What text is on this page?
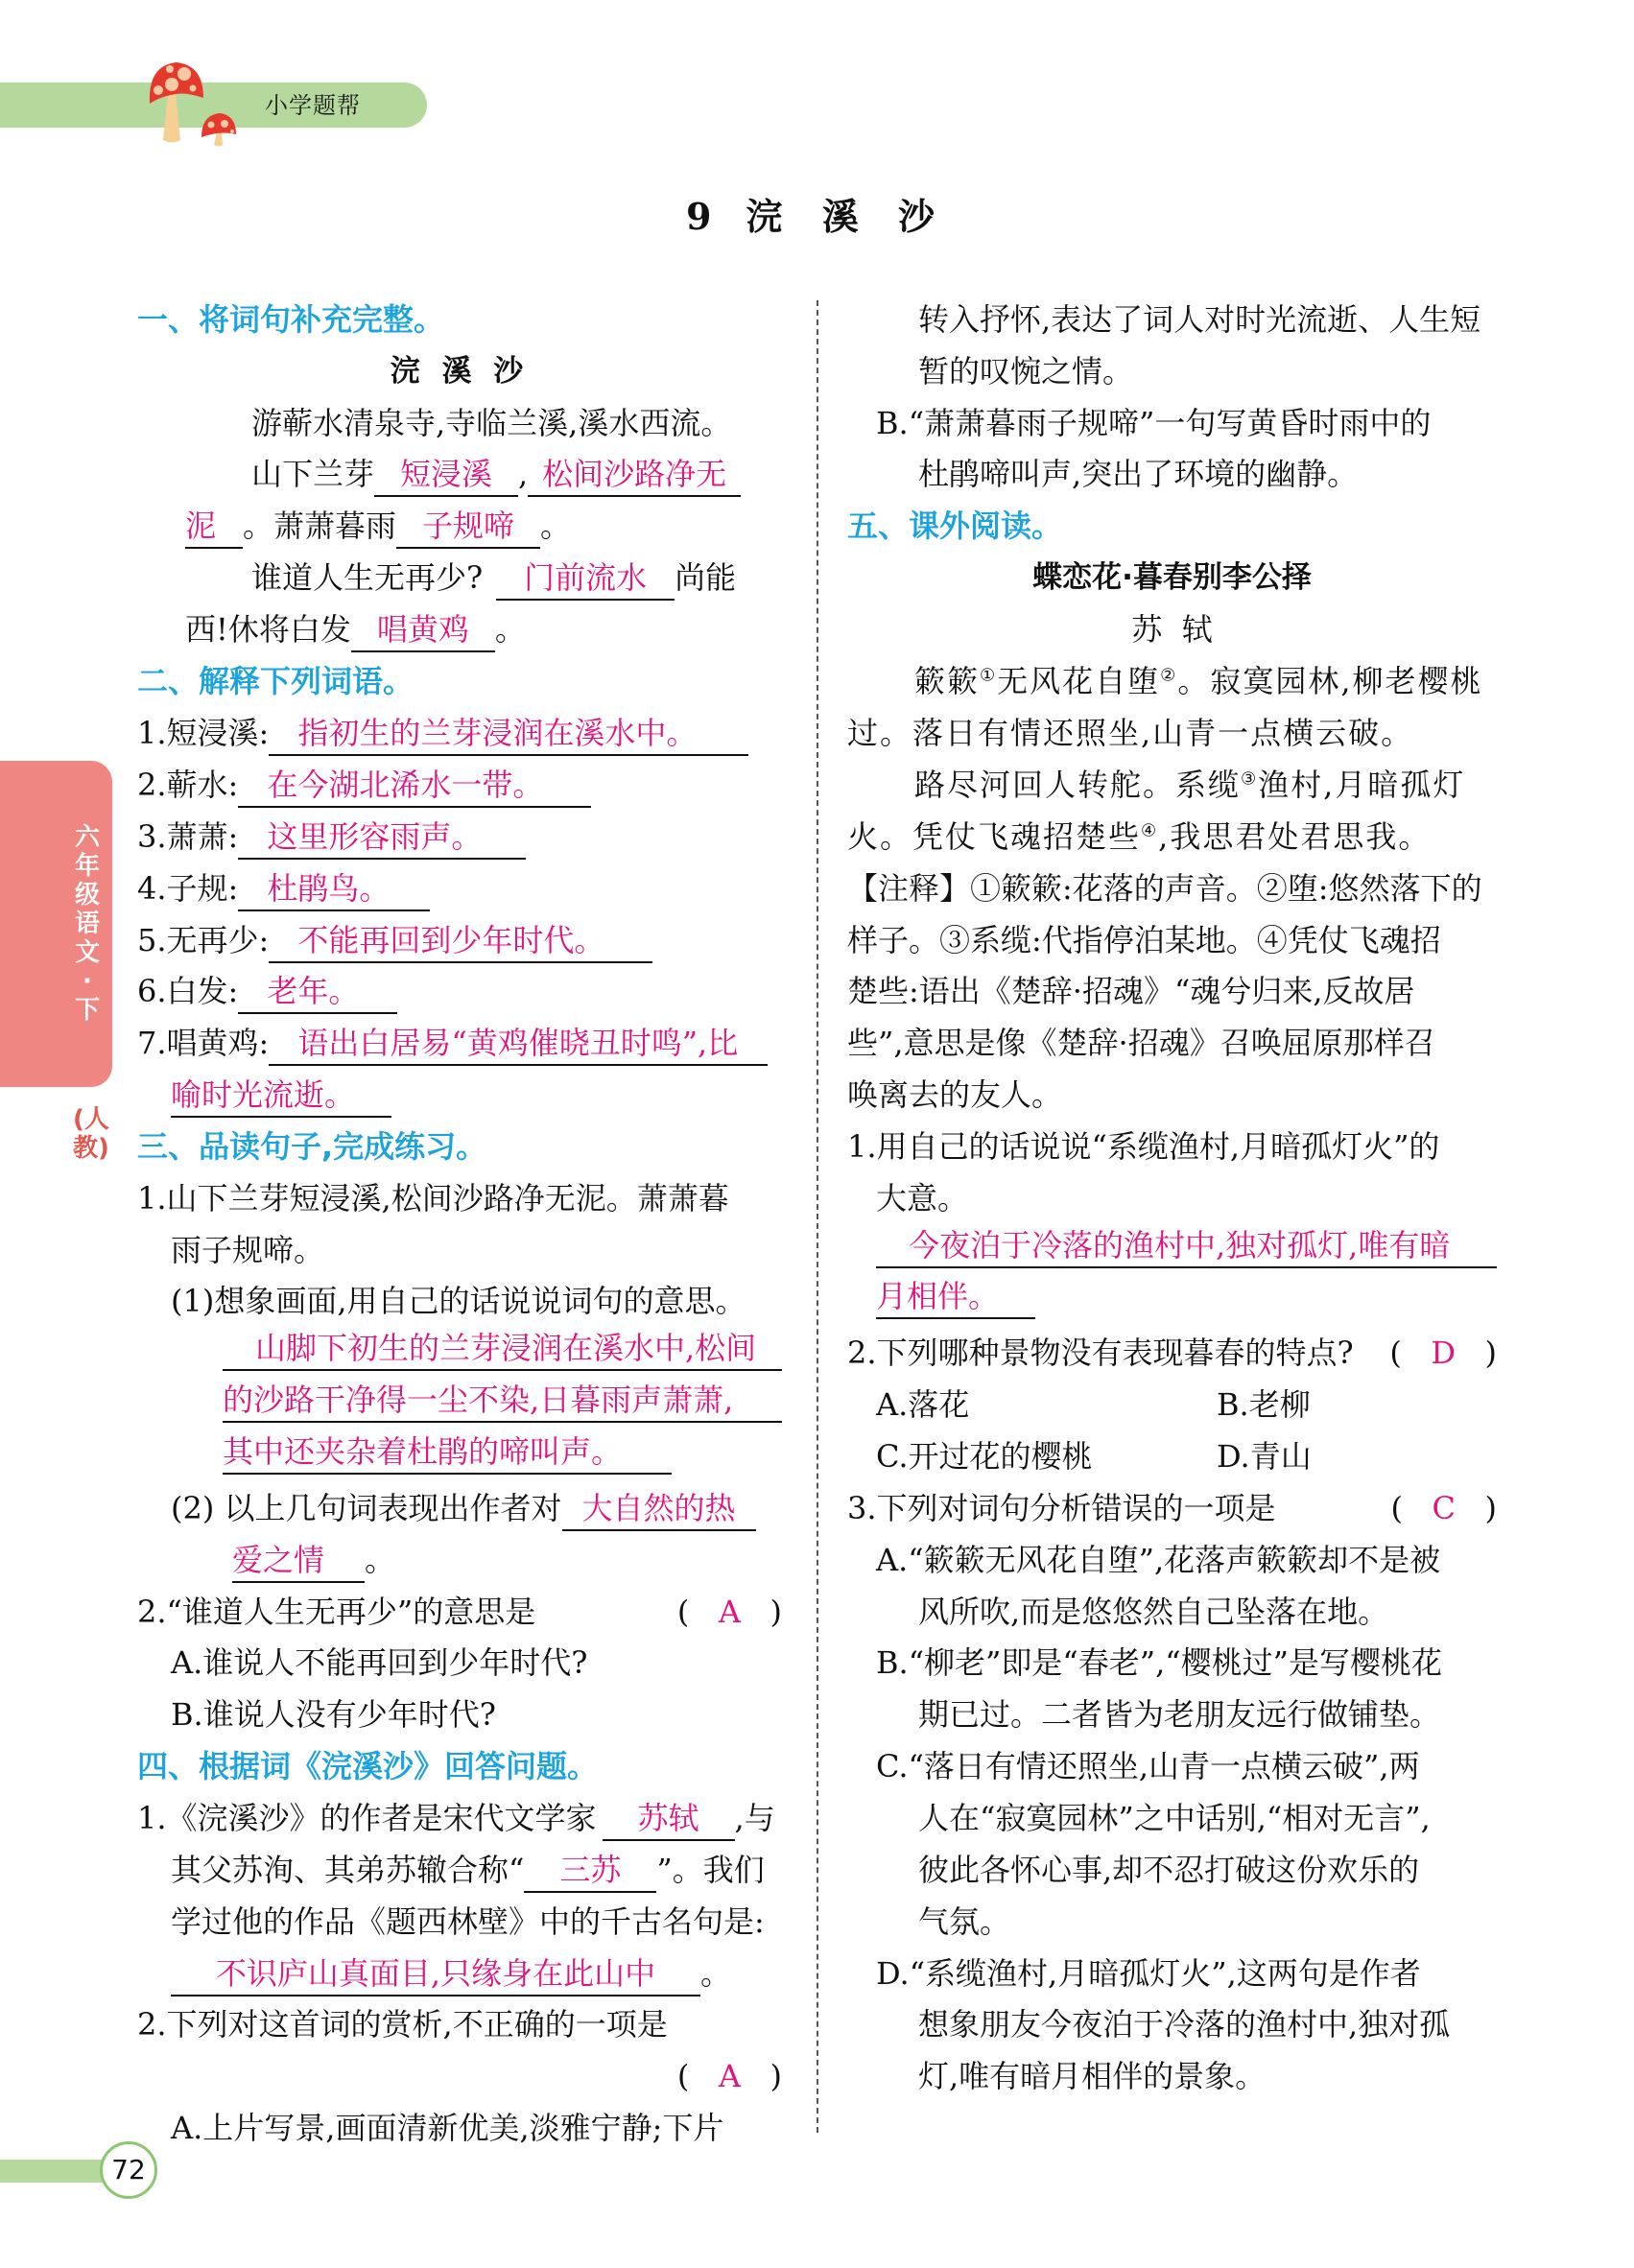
小学题帮
9 浣 溪 沙
六年级语文·下
(人教)
一、将词句补充完整。
浣 溪 沙
游蕲水清泉寺,寺临兰溪,溪水西流。
山下兰芽 短浸溪 , 松间沙路净无
泥 。萧萧暮雨 子规啼 。
谁道人生无再少? 门前流水 尚能
西!休将白发 唱黄鸡 。
二、解释下列词语。
1.短浸溪: 指初生的兰芽浸润在溪水中。
2.蕲水: 在今湖北浠水一带。
3.萧萧: 这里形容雨声。
4.子规: 杜鹃鸟。
5.无再少: 不能再回到少年时代。
6.白发: 老年。
7.唱黄鸡: 语出白居易“黄鸡催晓丑时鸣”,比
喻时光流逝。
三、品读句子,完成练习。
1.山下兰芽短浸溪,松间沙路净无泥。萧萧暮
雨子规啼。
(1)想象画面,用自己的话说说词句的意思。
山脚下初生的兰芽浸润在溪水中,松间
的沙路干净得一尘不染,日暮雨声萧萧,
其中还夹杂着杜鹃的啼叫声。
(2) 以上几句词表现出作者对 大自然的热
爱之情 。
2.“谁道人生无再少”的意思是	(   A   )
A.谁说人不能再回到少年时代?
B.谁说人没有少年时代?
四、根据词《浣溪沙》回答问题。
1.《浣溪沙》的作者是宋代文学家 苏轼 ,与
其父苏洵、其弟苏辙合称“ 三苏 ”。我们
学过他的作品《题西林壁》中的千古名句是:
不识庐山真面目,只缘身在此山中 。
2.下列对这首词的赏析,不正确的一项是
(   A   )
A.上片写景,画面清新优美,淡雅宁静;下片
转入抒怀,表达了词人对时光流逝、人生短
暂的叹惋之情。
B.“萧萧暮雨子规啼”一句写黄昏时雨中的
杜鹃啼叫声,突出了环境的幽静。
五、课外阅读。
蝶恋花·暮春别李公择
苏  轼
簌簌①无风花自堕②。寂寞园林,柳老樱桃
过。落日有情还照坐,山青一点横云破。
路尽河回人转舵。系缆③渔村,月暗孤灯
火。凭仗飞魂招楚些④,我思君处君思我。
【注释】①簌簌:花落的声音。②堕:悠然落下的
样子。③系缆:代指停泊某地。④凭仗飞魂招
楚些:语出《楚辞·招魂》“魂兮归来,反故居
些”,意思是像《楚辞·招魂》召唤屈原那样召
唤离去的友人。
1.用自己的话说说“系缆渔村,月暗孤灯火”的
大意。
今夜泊于冷落的渔村中,独对孤灯,唯有暗
月相伴。
2.下列哪种景物没有表现暮春的特点? (   D   )
A.落花	B.老柳
C.开过花的樱桃	D.青山
3.下列对词句分析错误的一项是	(   C   )
A.“簌簌无风花自堕”,花落声簌簌却不是被
风所吹,而是悠悠然自己坠落在地。
B.“柳老”即是“春老”,“樱桃过”是写樱桃花
期已过。二者皆为老朋友远行做铺垫。
C.“落日有情还照坐,山青一点横云破”,两
人在“寂寞园林”之中话别,“相对无言”,
彼此各怀心事,却不忍打破这份欢乐的
气氛。
D.“系缆渔村,月暗孤灯火”,这两句是作者
想象朋友今夜泊于冷落的渔村中,独对孤
灯,唯有暗月相伴的景象。
72
